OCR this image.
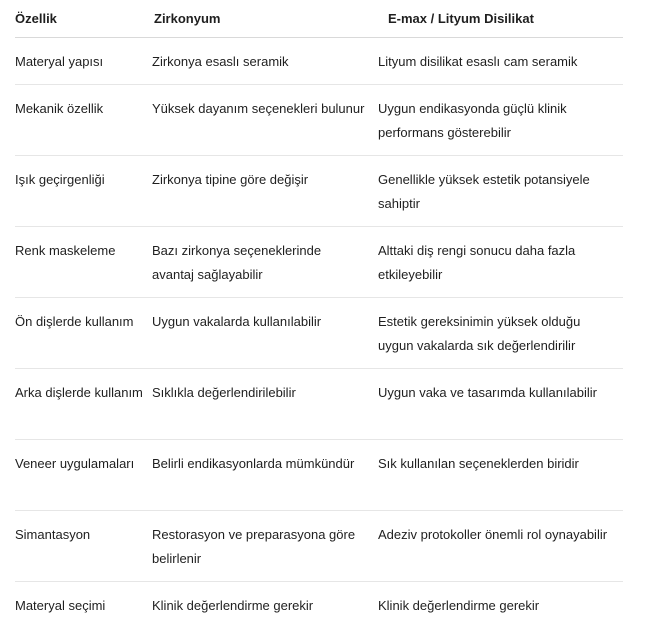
Özellik	Zirkonyum	E-max / Lityum Disilikat
Materyal yapısı	Zirkonya esaslı seramik	Lityum disilikat esaslı cam seramik
Mekanik özellik	Yüksek dayanım seçenekleri bulunur	Uygun endikasyonda güçlü klinik performans gösterebilir
Işık geçirgenliği	Zirkonya tipine göre değişir	Genellikle yüksek estetik potansiyele sahiptir
Renk maskeleme	Bazı zirkonya seçeneklerinde avantaj sağlayabilir	Alttaki diş rengi sonucu daha fazla etkileyebilir
Ön dişlerde kullanım	Uygun vakalarda kullanılabilir	Estetik gereksinimin yüksek olduğu uygun vakalarda sık değerlendirilir
Arka dişlerde kullanım	Sıklıkla değerlendirilebilir	Uygun vaka ve tasarımda kullanılabilir
Veneer uygulamaları	Belirli endikasyonlarda mümkündür	Sık kullanılan seçeneklerden biridir
Simantasyon	Restorasyon ve preparasyona göre belirlenir	Adeziv protokoller önemli rol oynayabilir
Materyal seçimi	Klinik değerlendirme gerekir	Klinik değerlendirme gerekir
